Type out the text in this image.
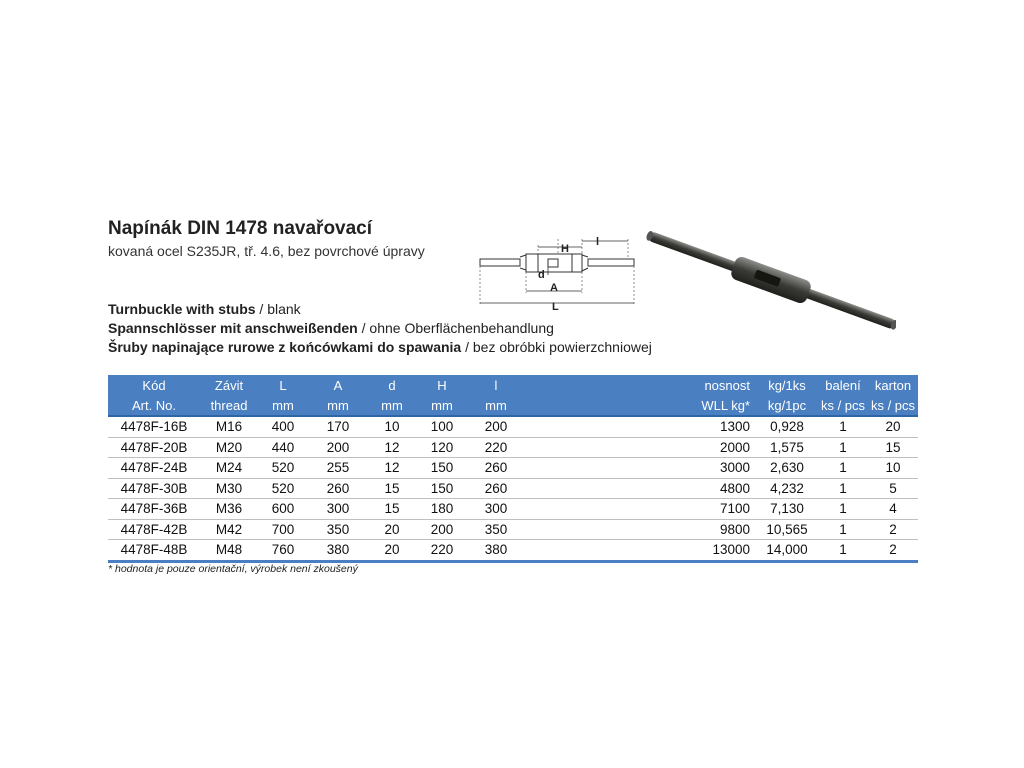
Napínák DIN 1478 navařovací
kovaná ocel S235JR, tř. 4.6, bez povrchové úpravy
Turnbuckle with stubs / blank
Spannschlösser mit anschweißenden / ohne Oberflächenbehandlung
Šruby napinające rurowe z końcówkami do spawania / bez obróbki powierzchniowej
H
l
d
A
L
Kód	Závit	L	A	d	H	l		nosnost	kg/1ks	balení	karton
Art. No.	thread	mm	mm	mm	mm	mm		WLL kg*	kg/1pc	ks / pcs	ks / pcs
4478F-16B	M16	400	170	10	100	200		1300	0,928	1	20
4478F-20B	M20	440	200	12	120	220		2000	1,575	1	15
4478F-24B	M24	520	255	12	150	260		3000	2,630	1	10
4478F-30B	M30	520	260	15	150	260		4800	4,232	1	5
4478F-36B	M36	600	300	15	180	300		7100	7,130	1	4
4478F-42B	M42	700	350	20	200	350		9800	10,565	1	2
4478F-48B	M48	760	380	20	220	380		13000	14,000	1	2
* hodnota je pouze orientační, výrobek není zkoušený
